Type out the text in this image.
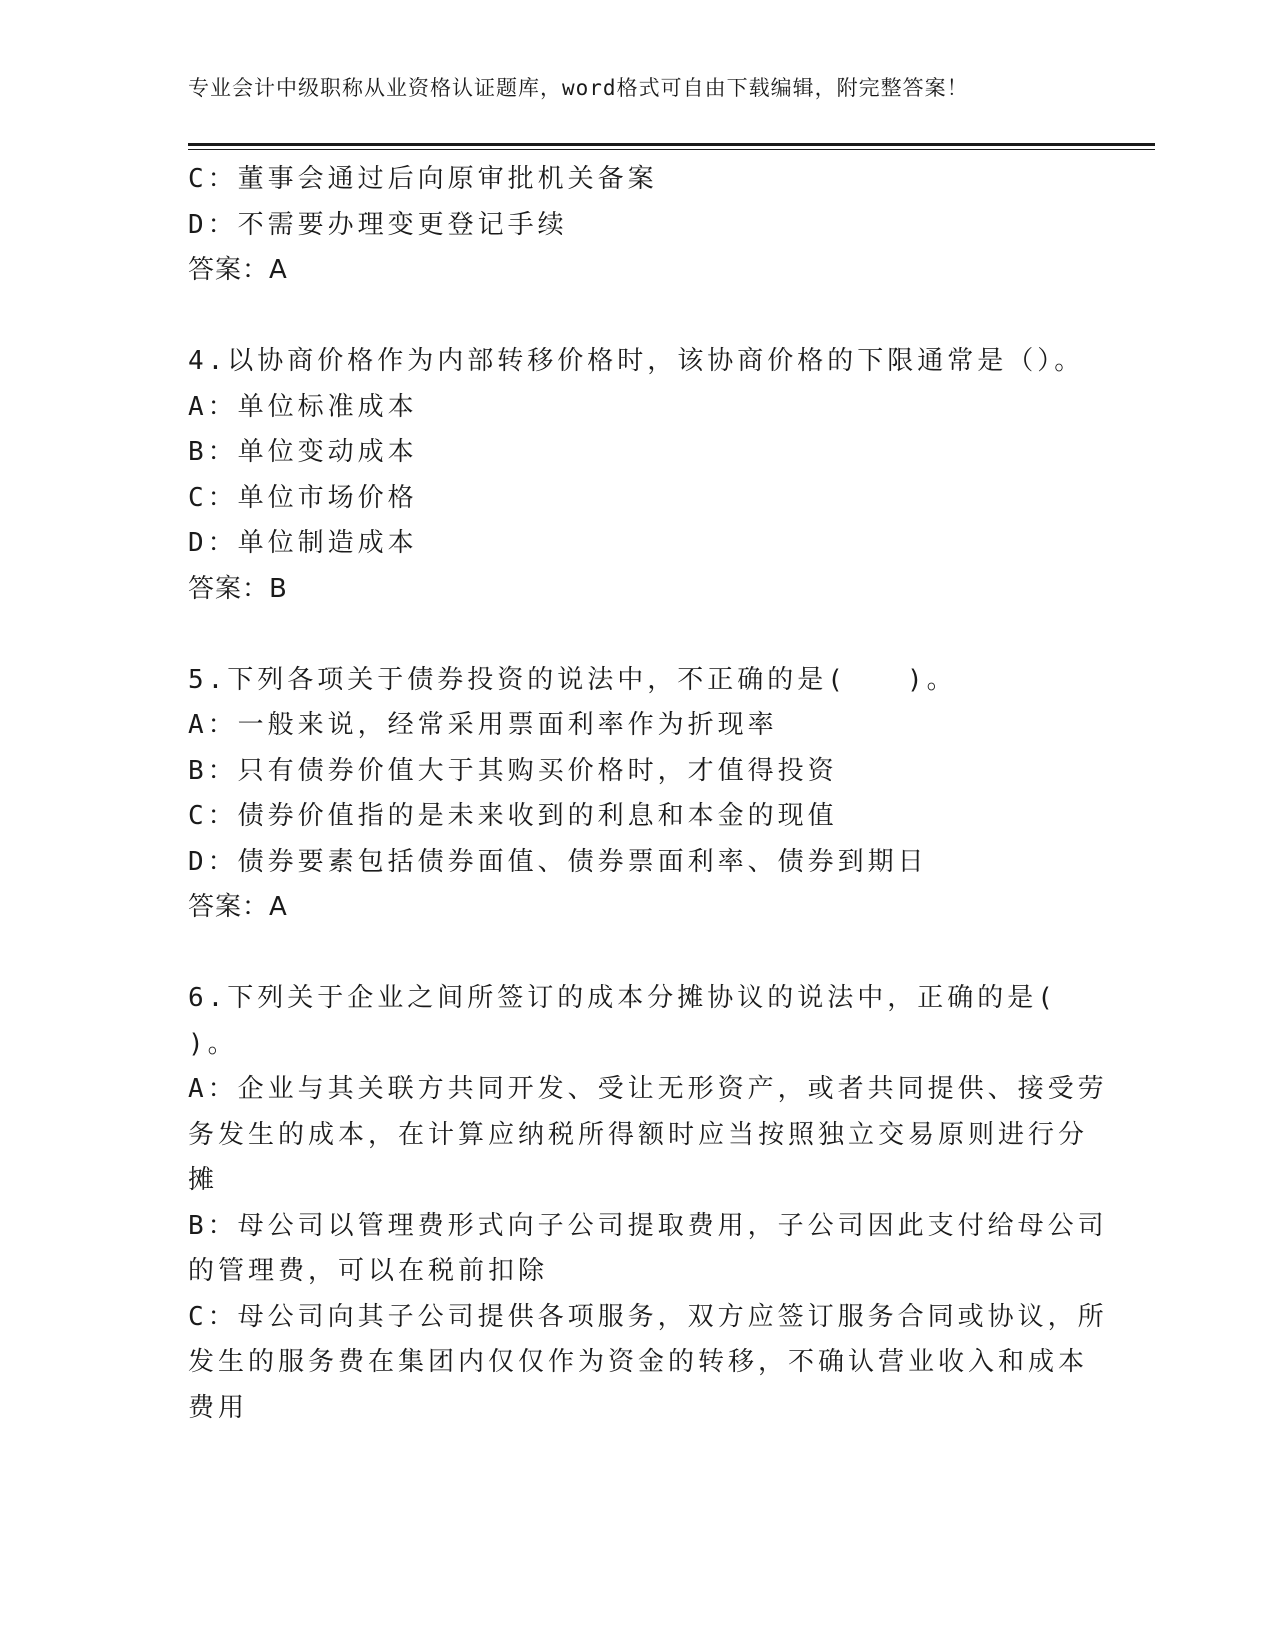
专业会计中级职称从业资格认证题库，word格式可自由下载编辑，附完整答案！
C：董事会通过后向原审批机关备案
D：不需要办理变更登记手续
答案：A
4.以协商价格作为内部转移价格时，该协商价格的下限通常是（）。
A：单位标准成本
B：单位变动成本
C：单位市场价格
D：单位制造成本
答案：B
5.下列各项关于债券投资的说法中，不正确的是(　　)。
A：一般来说，经常采用票面利率作为折现率
B：只有债券价值大于其购买价格时，才值得投资
C：债券价值指的是未来收到的利息和本金的现值
D：债券要素包括债券面值、债券票面利率、债券到期日
答案：A
6.下列关于企业之间所签订的成本分摊协议的说法中，正确的是(
)。
A：企业与其关联方共同开发、受让无形资产，或者共同提供、接受劳
务发生的成本，在计算应纳税所得额时应当按照独立交易原则进行分
摊
B：母公司以管理费形式向子公司提取费用，子公司因此支付给母公司
的管理费，可以在税前扣除
C：母公司向其子公司提供各项服务，双方应签订服务合同或协议，所
发生的服务费在集团内仅仅作为资金的转移，不确认营业收入和成本
费用
